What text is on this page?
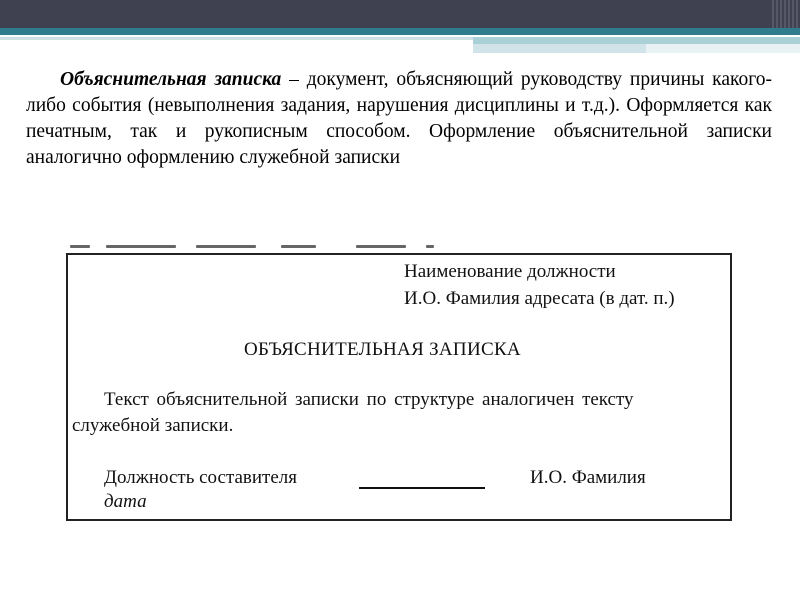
Объяснительная записка – документ, объясняющий руководству причины какого-либо события (невыполнения задания, нарушения дисциплины и т.д.). Оформляется как печатным, так и рукописным способом. Оформление объяснительной записки аналогично оформлению служебной записки

Наименование должности
И.О. Фамилия адресата (в дат. п.)
ОБЪЯСНИТЕЛЬНАЯ ЗАПИСКА
Текст объяснительной записки по структуре аналогичен тексту
служебной записки.
Должность составителя	И.О. Фамилия
дата
